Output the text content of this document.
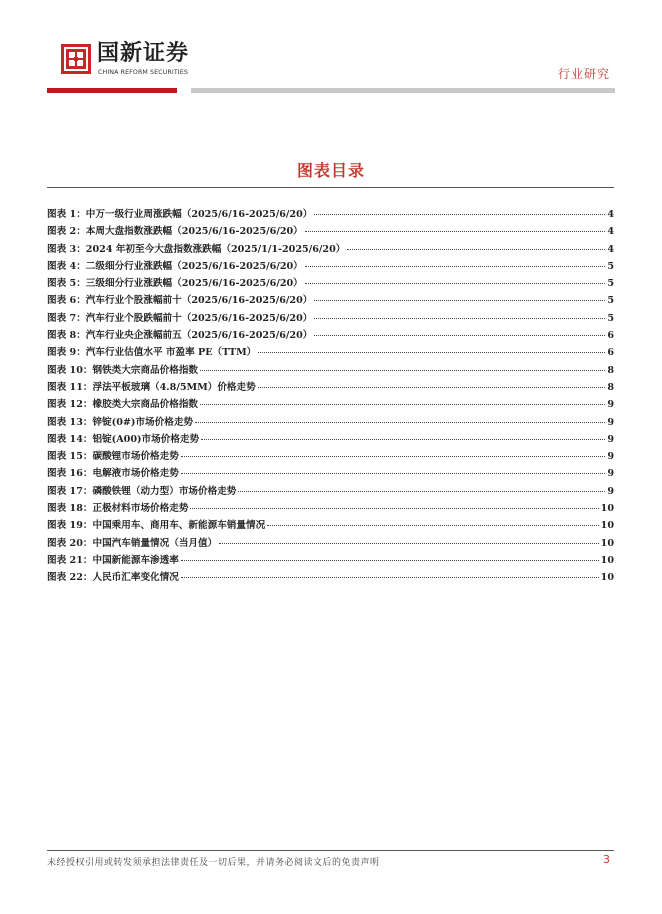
国新证券
CHINA REFORM SECURITIES	行业研究
图表目录
图表 1：中万一级行业周涨跌幅（2025/6/16-2025/6/20）	4
图表 2：本周大盘指数涨跌幅（2025/6/16-2025/6/20）	4
图表 3：2024 年初至今大盘指数涨跌幅（2025/1/1-2025/6/20）	4
图表 4：二级细分行业涨跌幅（2025/6/16-2025/6/20）	5
图表 5：三级细分行业涨跌幅（2025/6/16-2025/6/20）	5
图表 6：汽车行业个股涨幅前十（2025/6/16-2025/6/20）	5
图表 7：汽车行业个股跌幅前十（2025/6/16-2025/6/20）	5
图表 8：汽车行业央企涨幅前五（2025/6/16-2025/6/20）	6
图表 9：汽车行业估值水平 市盈率 PE（TTM）	6
图表 10：钢铁类大宗商品价格指数	8
图表 11：浮法平板玻璃（4.8/5MM）价格走势	8
图表 12：橡胶类大宗商品价格指数	9
图表 13：锌锭(0#)市场价格走势	9
图表 14：铝锭(A00)市场价格走势	9
图表 15：碳酸锂市场价格走势	9
图表 16：电解液市场价格走势	9
图表 17：磷酸铁锂（动力型）市场价格走势	9
图表 18：正极材料市场价格走势	10
图表 19：中国乘用车、商用车、新能源车销量情况	10
图表 20：中国汽车销量情况（当月值）	10
图表 21：中国新能源车渗透率	10
图表 22：人民币汇率变化情况	10
未经授权引用或转发须承担法律责任及一切后果，并请务必阅读文后的免责声明	3
